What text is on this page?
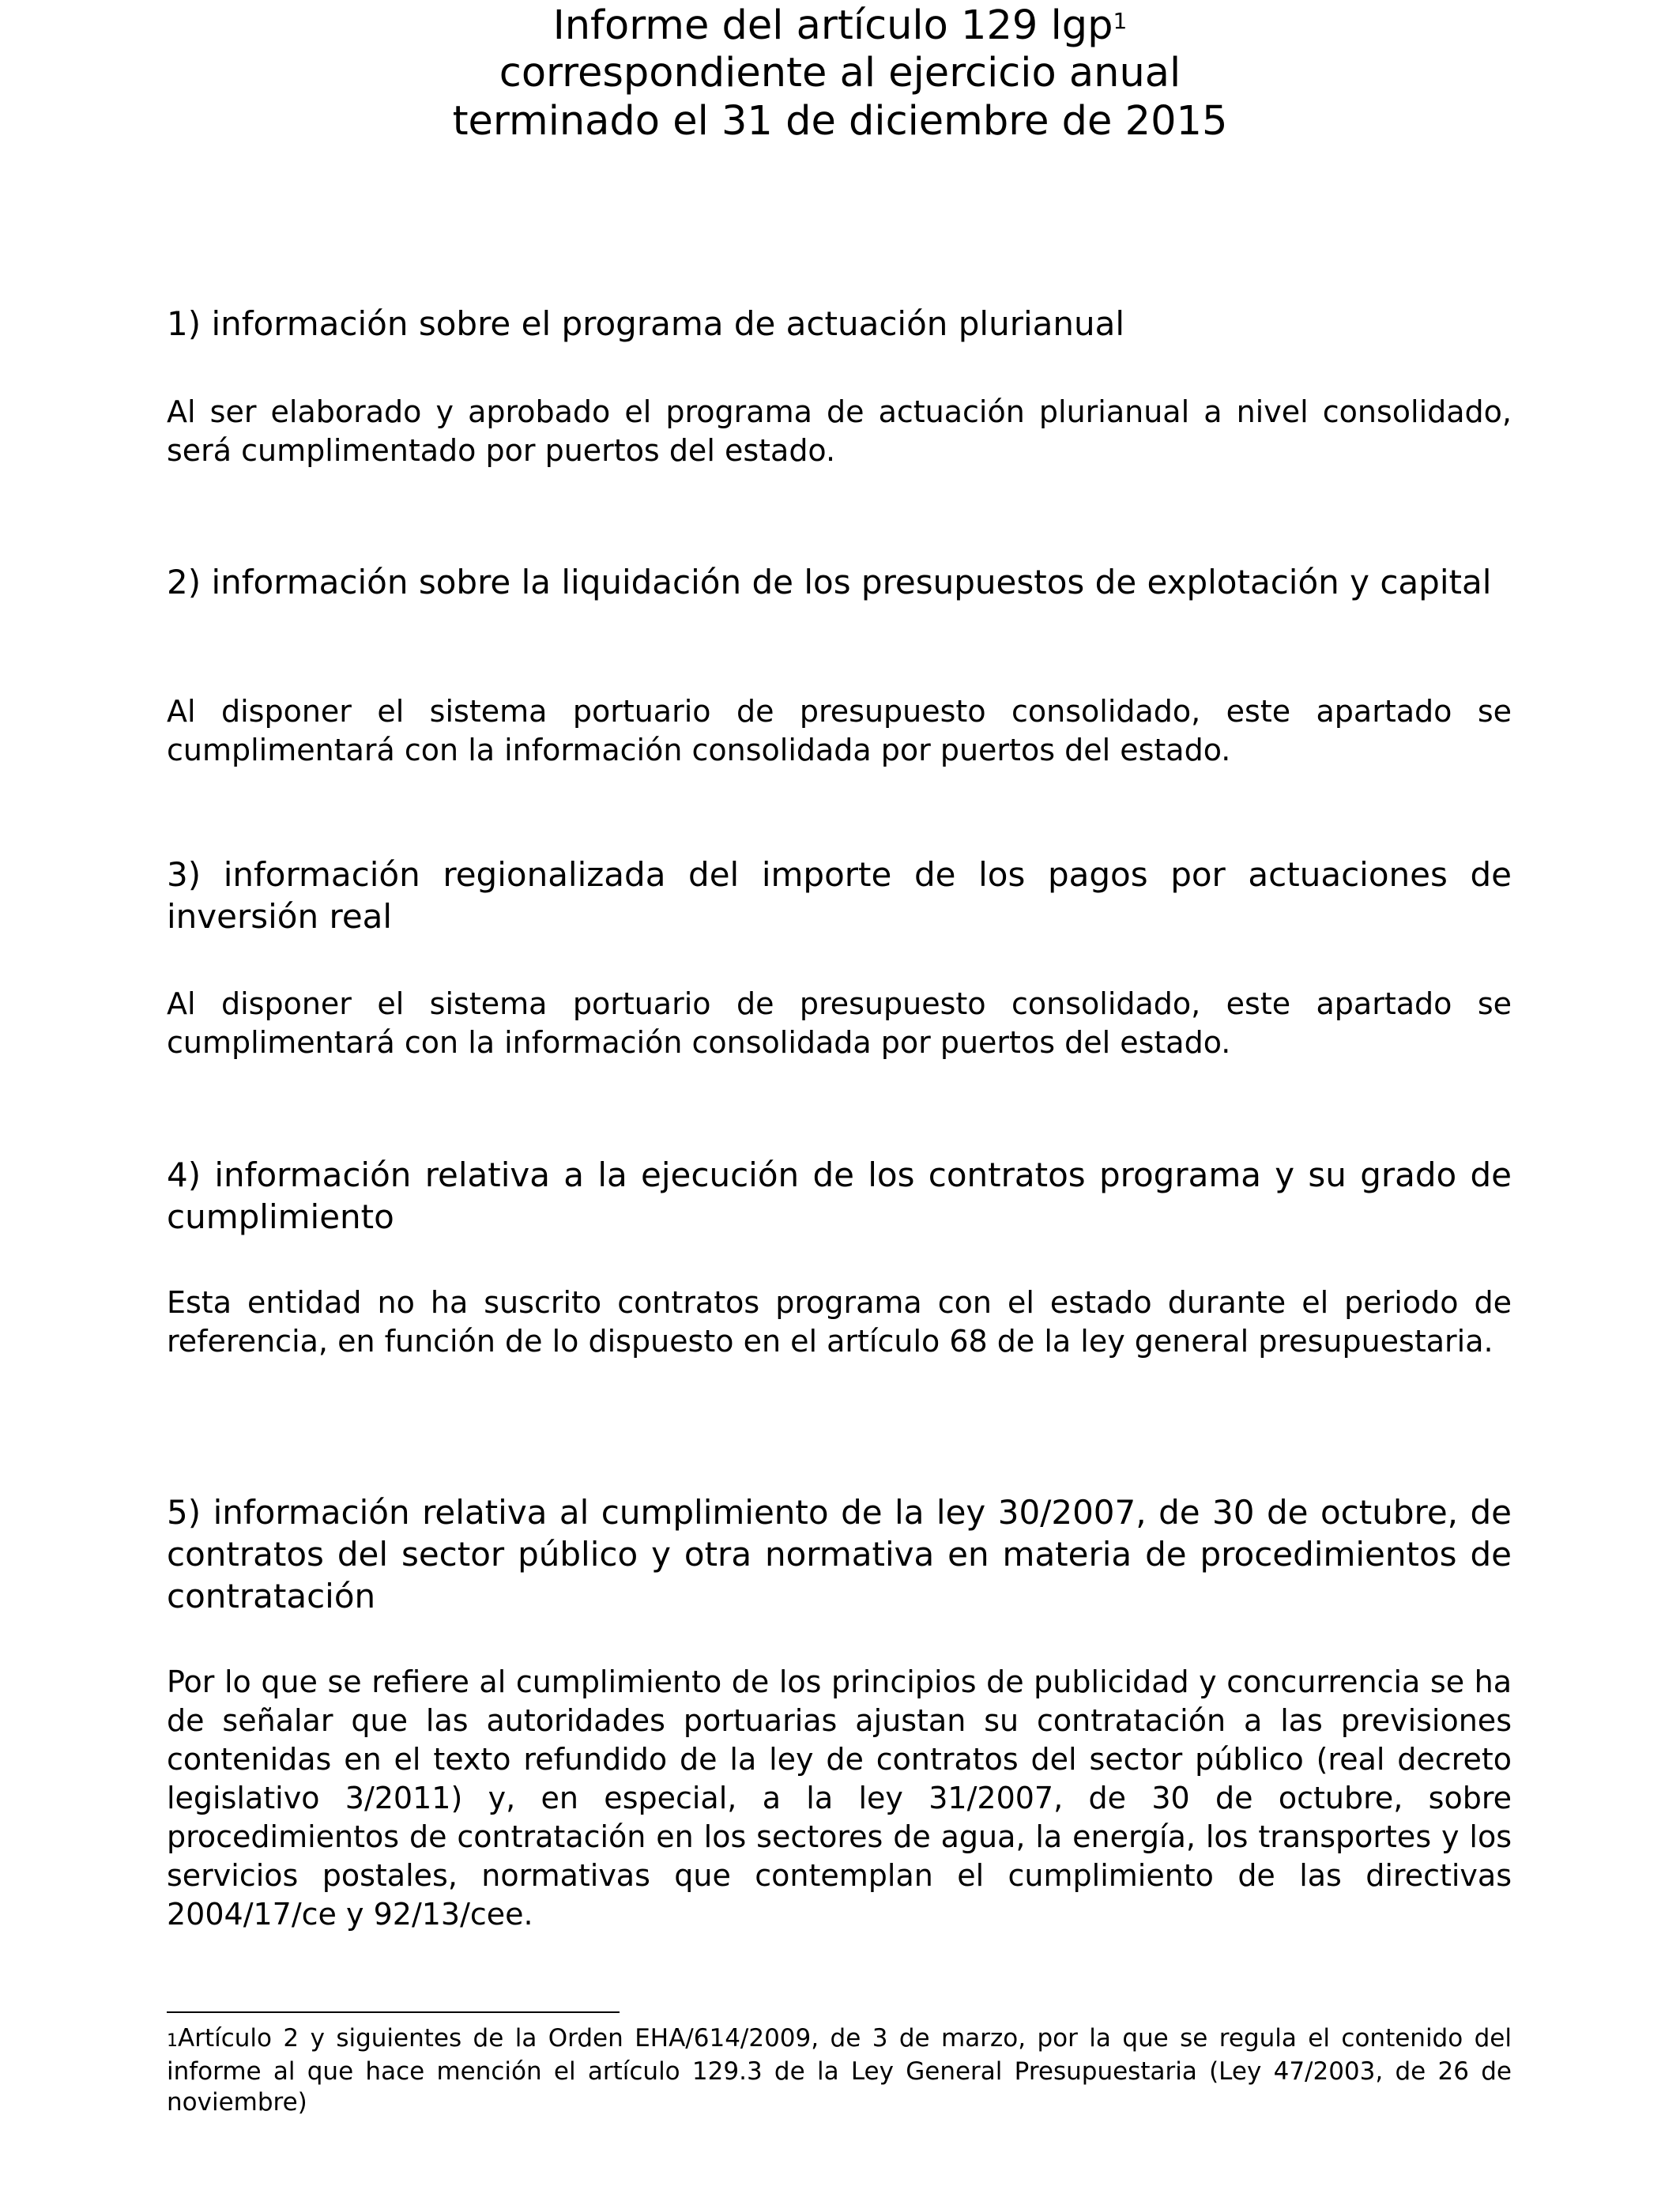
Informe del artículo 129 lgp$^1$
correspondiente al ejercicio anual
terminado el 31 de diciembre de 2015
1) información sobre el programa de actuación plurianual
Al ser elaborado y aprobado el programa de actuación plurianual a nivel consolidado, será cumplimentado por puertos del estado.
2) información sobre la liquidación de los presupuestos de explotación y capital
Al disponer el sistema portuario de presupuesto consolidado, este apartado se cumplimentará con la información consolidada por puertos del estado.
3) información regionalizada del importe de los pagos por actuaciones de inversión real
Al disponer el sistema portuario de presupuesto consolidado, este apartado se cumplimentará con la información consolidada por puertos del estado.
4) información relativa a la ejecución de los contratos programa y su grado de cumplimiento
Esta entidad no ha suscrito contratos programa con el estado durante el periodo de referencia, en función de lo dispuesto en el artículo 68 de la ley general presupuestaria.
5) información relativa al cumplimiento de la ley 30/2007, de 30 de octubre, de contratos del sector público y otra normativa en materia de procedimientos de contratación
Por lo que se refiere al cumplimiento de los principios de publicidad y concurrencia se ha de señalar que las autoridades portuarias ajustan su contratación a las previsiones contenidas en el texto refundido de la ley de contratos del sector público (real decreto legislativo 3/2011) y, en especial, a la ley 31/2007, de 30 de octubre, sobre procedimientos de contratación en los sectores de agua, la energía, los transportes y los servicios postales, normativas que contemplan el cumplimiento de las directivas 2004/17/ce y 92/13/cee.
1Artículo 2 y siguientes de la Orden EHA/614/2009, de 3 de marzo, por la que se regula el contenido del informe al que hace mención el artículo 129.3 de la Ley General Presupuestaria (Ley 47/2003, de 26 de noviembre)
